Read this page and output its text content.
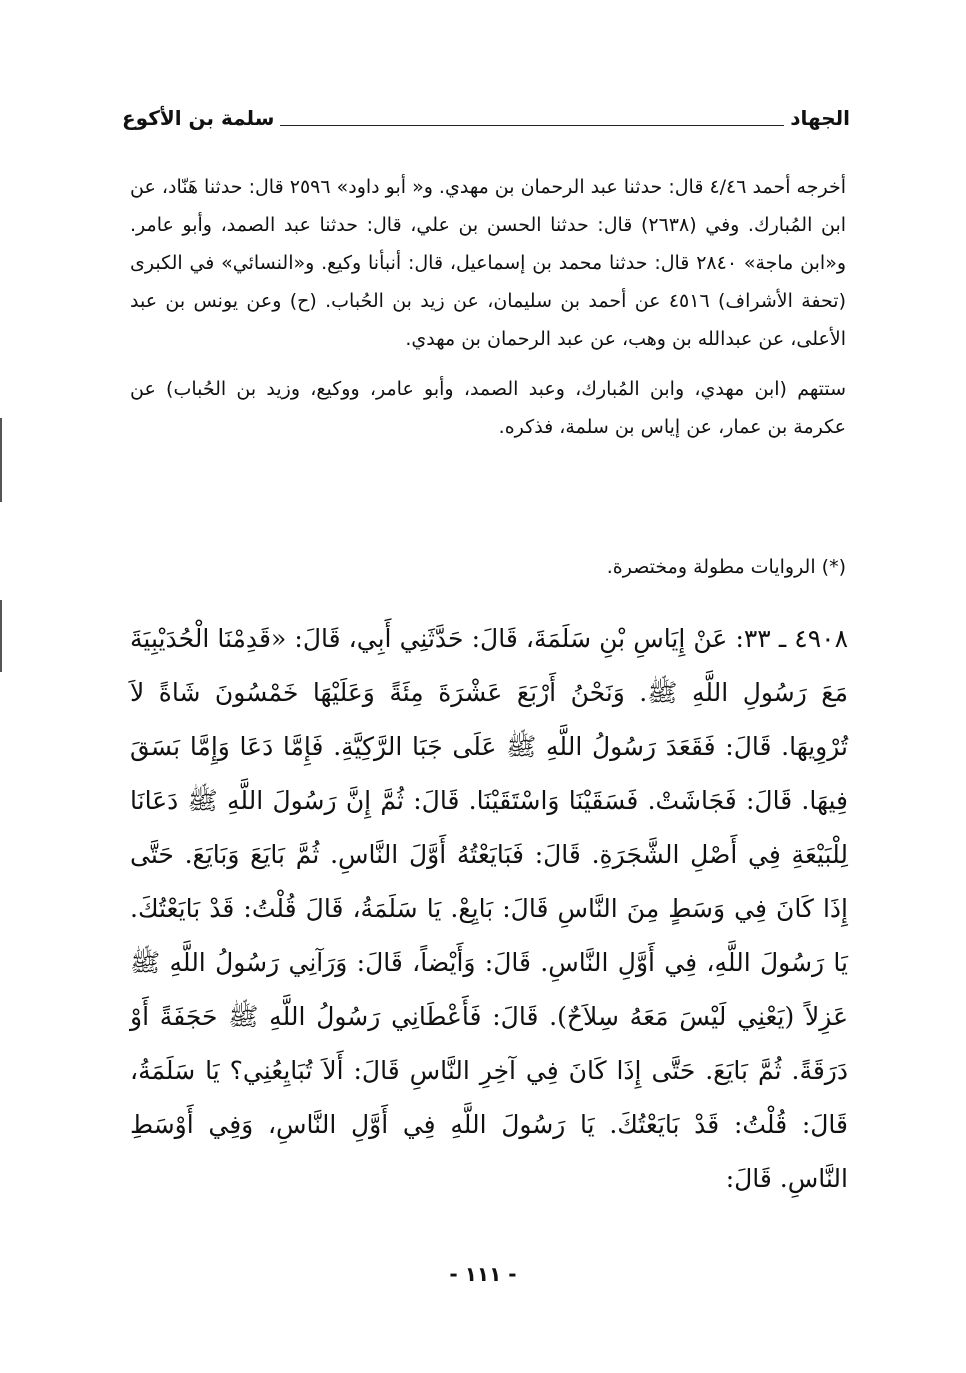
الجهاد
سلمة بن الأكوع

أخرجه أحمد ٤/٤٦ قال: حدثنا عبد الرحمان بن مهدي. و« أبو داود» ٢٥٩٦ قال: حدثنا هَنّاد، عن ابن المُبارك. وفي (٢٦٣٨) قال: حدثنا الحسن بن علي، قال: حدثنا عبد الصمد، وأبو عامر. و«ابن ماجة» ٢٨٤٠ قال: حدثنا محمد بن إسماعيل، قال: أنبأنا وكيع. و«النسائي» في الكبرى (تحفة الأشراف) ٤٥١٦ عن أحمد بن سليمان، عن زيد بن الحُباب. (ح) وعن يونس بن عبد الأعلى، عن عبدالله بن وهب، عن عبد الرحمان بن مهدي.

ستتهم (ابن مهدي، وابن المُبارك، وعبد الصمد، وأبو عامر، ووكيع، وزيد بن الحُباب) عن عكرمة بن عمار، عن إياس بن سلمة، فذكره.

(*) الروايات مطولة ومختصرة.

٤٩٠٨ ـ ٣٣: عَنْ إِيَاسِ بْنِ سَلَمَةَ، قَالَ: حَدَّثَنِي أَبِي، قَالَ: «قَدِمْنَا الْحُدَيْبِيَةَ مَعَ رَسُولِ اللَّهِ ﷺ. وَنَحْنُ أَرْبَعَ عَشْرَةَ مِئَةً وَعَلَيْهَا خَمْسُونَ شَاةً لاَ تُرْوِيهَا. قَالَ: فَقَعَدَ رَسُولُ اللَّهِ ﷺ عَلَى جَبَا الرَّكِيَّةِ. فَإِمَّا دَعَا وَإِمَّا بَسَقَ فِيهَا. قَالَ: فَجَاشَتْ. فَسَقَيْنَا وَاسْتَقَيْنَا. قَالَ: ثُمَّ إِنَّ رَسُولَ اللَّهِ ﷺ دَعَانَا لِلْبَيْعَةِ فِي أَصْلِ الشَّجَرَةِ. قَالَ: فَبَايَعْتُهُ أَوَّلَ النَّاسِ. ثُمَّ بَايَعَ وَبَايَعَ. حَتَّى إِذَا كَانَ فِي وَسَطٍ مِنَ النَّاسِ قَالَ: بَايِعْ. يَا سَلَمَةُ، قَالَ قُلْتُ: قَدْ بَايَعْتُكَ. يَا رَسُولَ اللَّهِ، فِي أَوَّلِ النَّاسِ. قَالَ: وَأَيْضاً، قَالَ: وَرَآنِي رَسُولُ اللَّهِ ﷺ عَزِلاً (يَعْنِي لَيْسَ مَعَهُ سِلاَحٌ). قَالَ: فَأَعْطَانِي رَسُولُ اللَّهِ ﷺ حَجَفَةً أَوْ دَرَقَةً. ثُمَّ بَايَعَ. حَتَّى إِذَا كَانَ فِي آخِرِ النَّاسِ قَالَ: أَلاَ تُبَايِعُنِي؟ يَا سَلَمَةُ، قَالَ: قُلْتُ: قَدْ بَايَعْتُكَ. يَا رَسُولَ اللَّهِ فِي أَوَّلِ النَّاسِ، وَفِي أَوْسَطِ النَّاسِ. قَالَ:

- ١١١ -
